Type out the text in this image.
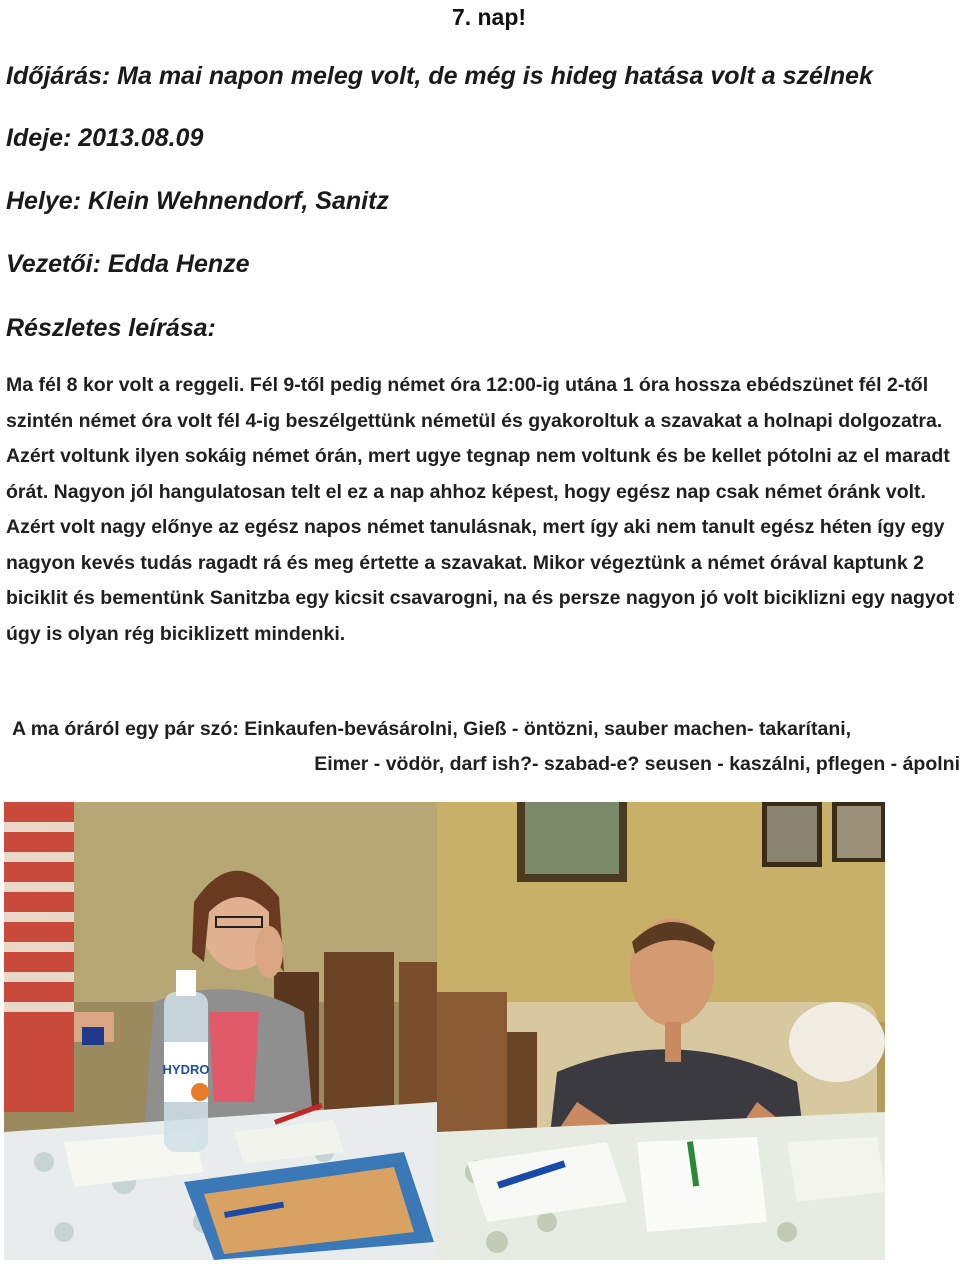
7. nap!
Időjárás: Ma mai napon meleg volt, de még is hideg hatása volt a szélnek
Ideje: 2013.08.09
Helye: Klein Wehnendorf, Sanitz
Vezetői: Edda Henze
Részletes leírása:

Ma fél 8 kor volt a reggeli. Fél 9-től pedig német óra 12:00-ig utána 1 óra hossza ebédszünet fél 2-től szintén német óra volt fél 4-ig beszélgettünk németül és gyakoroltuk a szavakat a holnapi dolgozatra. Azért voltunk ilyen sokáig német órán, mert ugye tegnap nem voltunk és be kellet pótolni az el maradt órát. Nagyon jól hangulatosan telt el ez a nap ahhoz képest, hogy egész nap csak német óránk volt. Azért volt nagy előnye az egész napos német tanulásnak, mert így aki nem tanult egész héten így egy nagyon kevés tudás ragadt rá és meg értette a szavakat. Mikor végeztünk a német órával kaptunk 2 biciklit és bementünk Sanitzba egy kicsit csavarogni, na és persze nagyon jó volt biciklizni egy nagyot úgy is olyan rég biciklizett mindenki.

A ma óráról egy pár szó: Einkaufen-bevásárolni, Gieß - öntözni, sauber machen- takarítani,
Eimer - vödör, darf ish?- szabad-e? seusen - kaszálni, pflegen - ápolni

HYDRO
